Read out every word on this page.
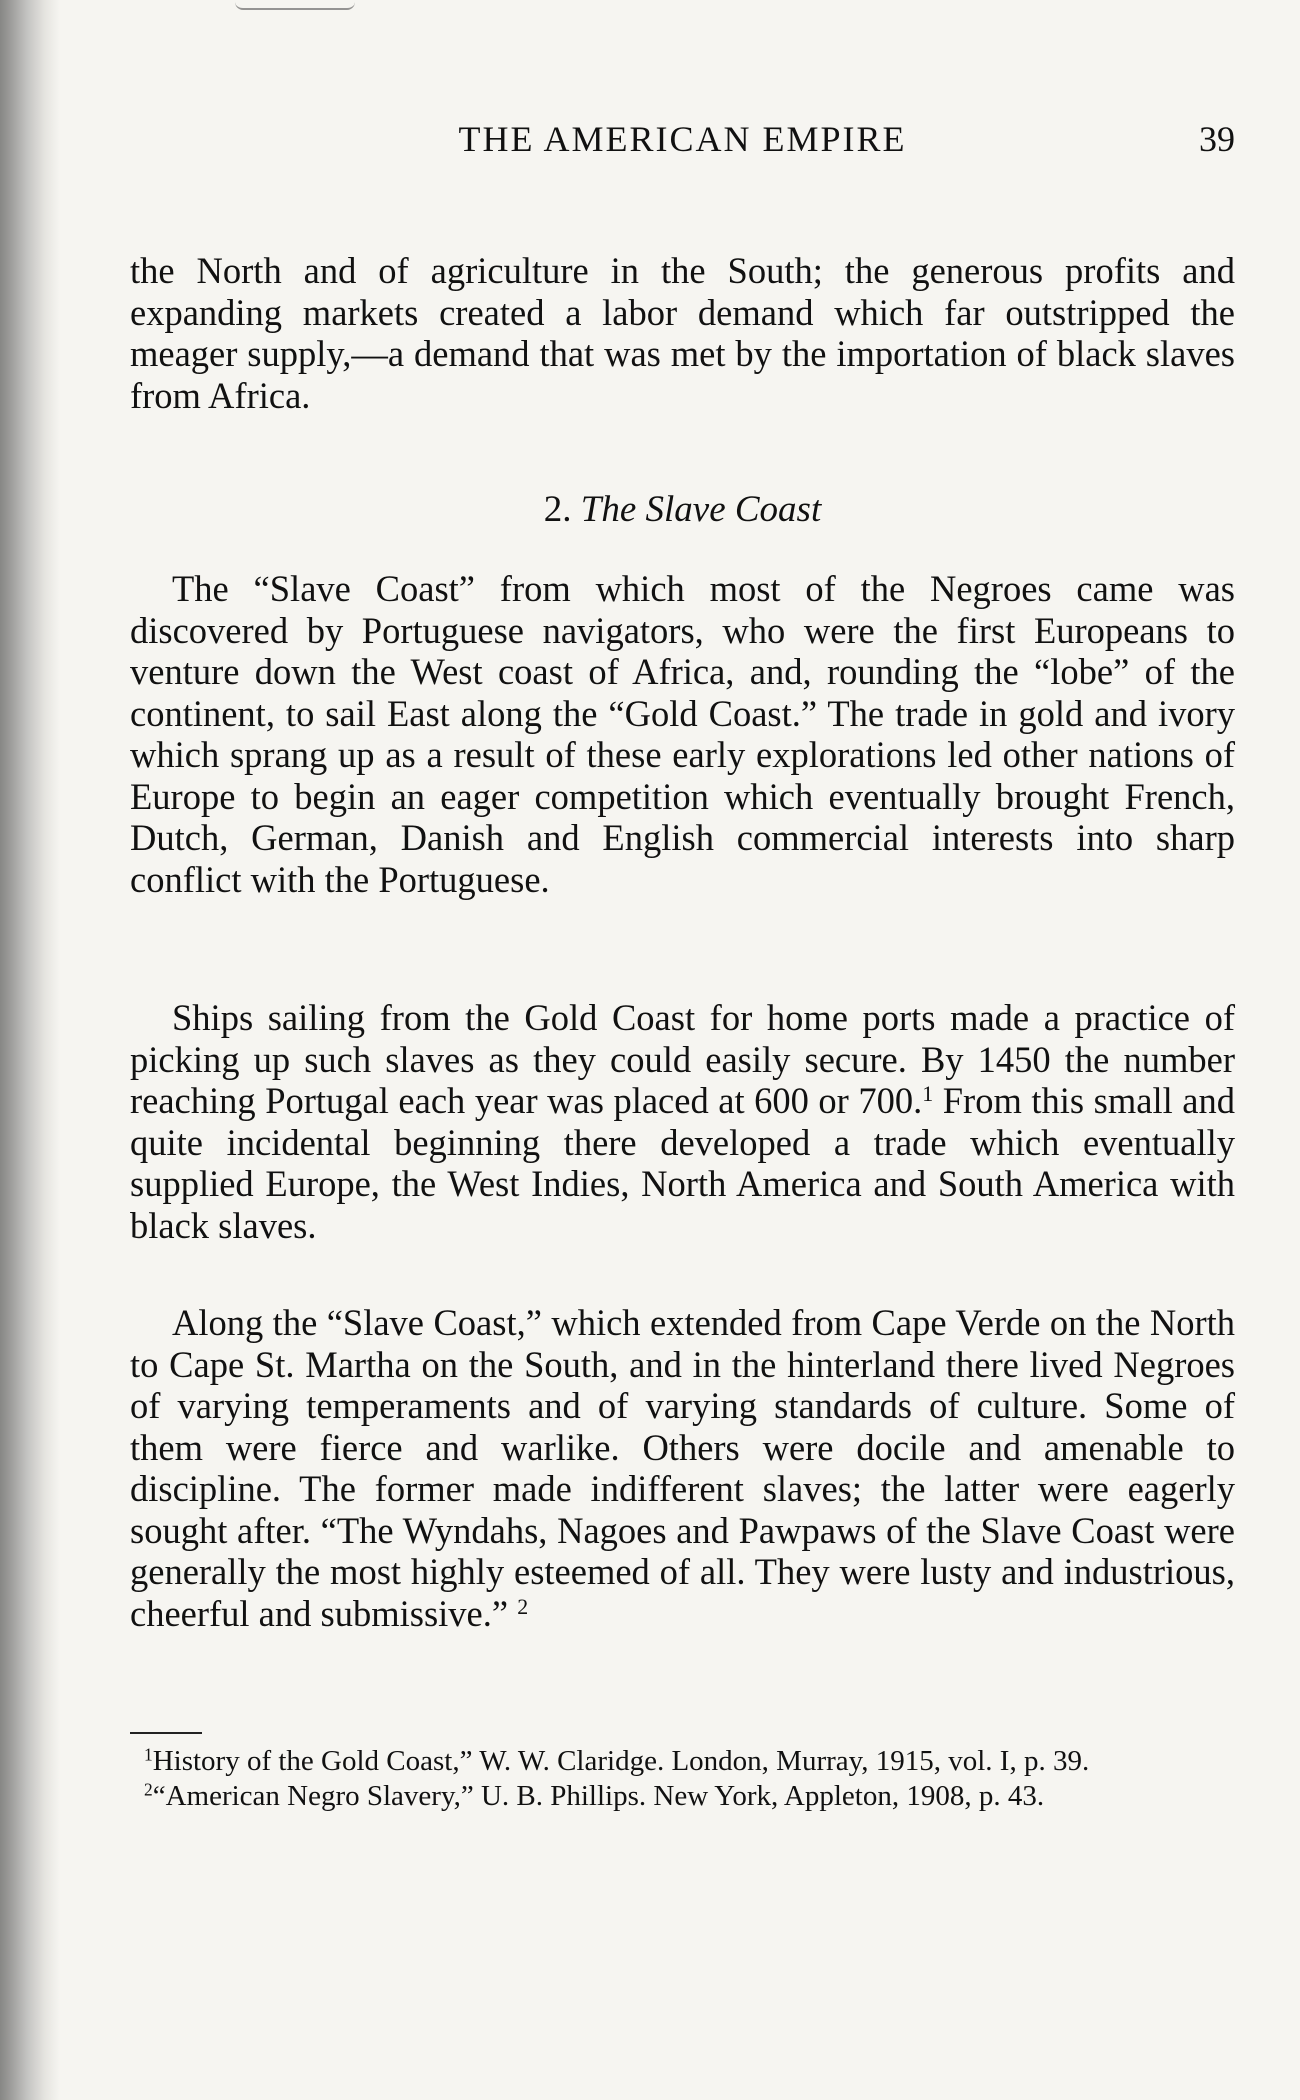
THE AMERICAN EMPIRE	39

the North and of agriculture in the South; the generous profits and expanding markets created a labor demand which far outstripped the meager supply,—a demand that was met by the importation of black slaves from Africa.

2. The Slave Coast

The “Slave Coast” from which most of the Negroes came was discovered by Portuguese navigators, who were the first Europeans to venture down the West coast of Africa, and, rounding the “lobe” of the continent, to sail East along the “Gold Coast.” The trade in gold and ivory which sprang up as a result of these early explorations led other nations of Europe to begin an eager competition which eventually brought French, Dutch, German, Danish and English commercial interests into sharp conflict with the Portuguese.

Ships sailing from the Gold Coast for home ports made a practice of picking up such slaves as they could easily secure. By 1450 the number reaching Portugal each year was placed at 600 or 700.$^1$ From this small and quite incidental beginning there developed a trade which eventually supplied Europe, the West Indies, North America and South America with black slaves.

Along the “Slave Coast,” which extended from Cape Verde on the North to Cape St. Martha on the South, and in the hinterland there lived Negroes of varying temperaments and of varying standards of culture. Some of them were fierce and warlike. Others were docile and amenable to discipline. The former made indifferent slaves; the latter were eagerly sought after. “The Wyndahs, Nagoes and Pawpaws of the Slave Coast were generally the most highly esteemed of all. They were lusty and industrious, cheerful and submissive.” $^2$

$^1$History of the Gold Coast,” W. W. Claridge. London, Murray, 1915, vol. I, p. 39.

$^2$“American Negro Slavery,” U. B. Phillips. New York, Appleton, 1908, p. 43.
